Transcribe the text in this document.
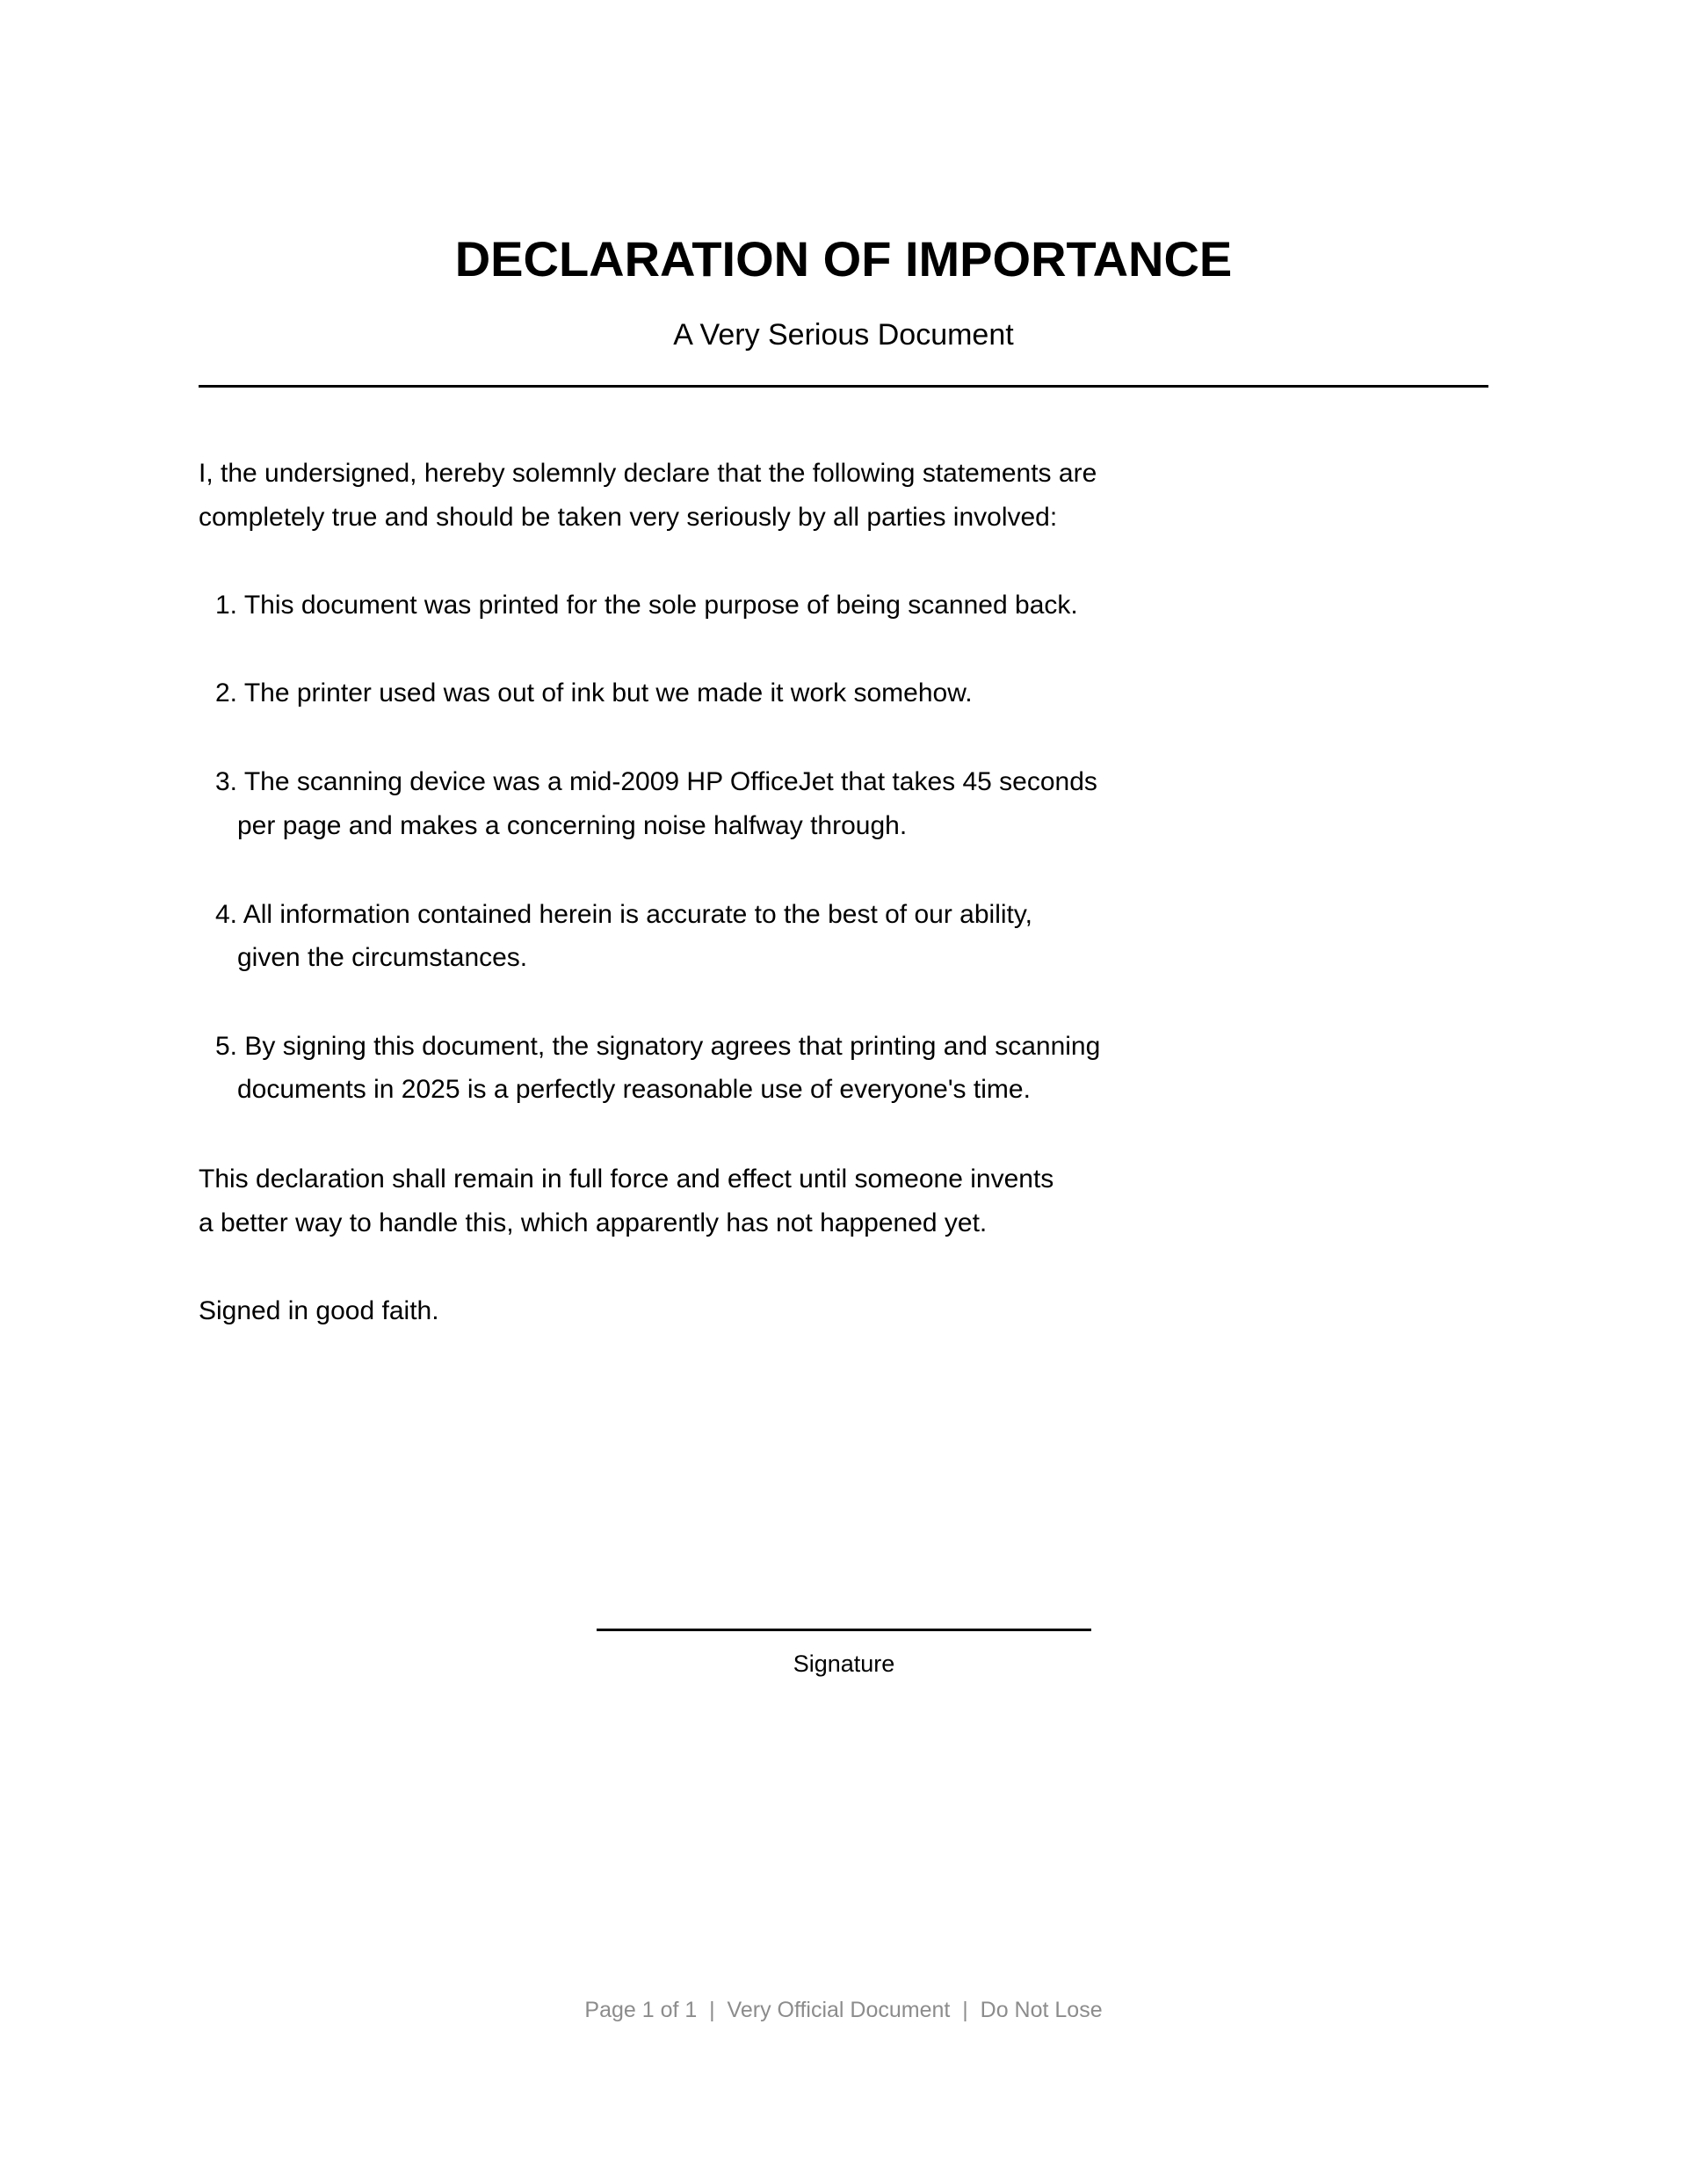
DECLARATION OF IMPORTANCE
A Very Serious Document
I, the undersigned, hereby solemnly declare that the following statements are
completely true and should be taken very seriously by all parties involved:
1. This document was printed for the sole purpose of being scanned back.
2. The printer used was out of ink but we made it work somehow.
3. The scanning device was a mid-2009 HP OfficeJet that takes 45 seconds
per page and makes a concerning noise halfway through.
4. All information contained herein is accurate to the best of our ability,
given the circumstances.
5. By signing this document, the signatory agrees that printing and scanning
documents in 2025 is a perfectly reasonable use of everyone's time.
This declaration shall remain in full force and effect until someone invents
a better way to handle this, which apparently has not happened yet.
Signed in good faith.
Signature
Page 1 of 1  |  Very Official Document  |  Do Not Lose
